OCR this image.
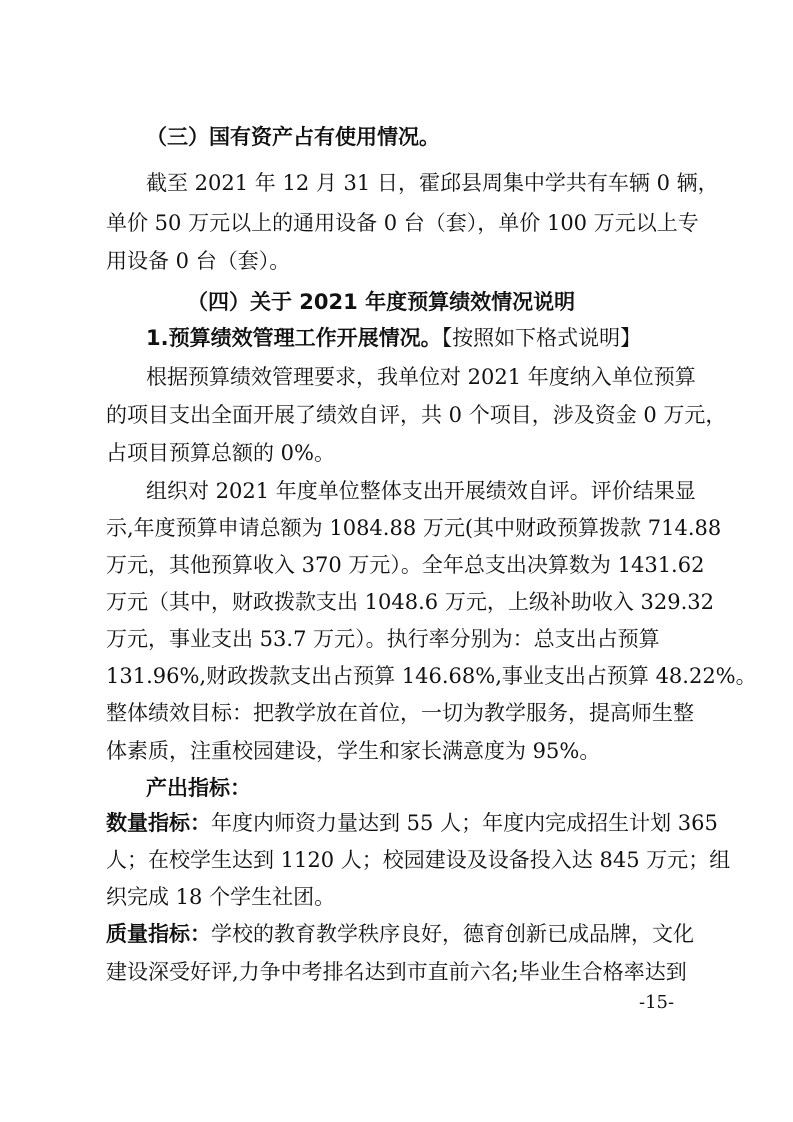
（三）国有资产占有使用情况。
截至 2021 年 12 月 31 日，霍邱县周集中学共有车辆 0 辆，
单价 50 万元以上的通用设备 0 台（套），单价 100 万元以上专
用设备 0 台（套）。
（四）关于 2021 年度预算绩效情况说明
1.预算绩效管理工作开展情况。【按照如下格式说明】
根据预算绩效管理要求，我单位对 2021 年度纳入单位预算
的项目支出全面开展了绩效自评，共 0 个项目，涉及资金 0 万元，
占项目预算总额的 0%。
组织对 2021 年度单位整体支出开展绩效自评。评价结果显
示,年度预算申请总额为 1084.88 万元(其中财政预算拨款 714.88
万元，其他预算收入 370 万元）。全年总支出决算数为 1431.62
万元（其中，财政拨款支出 1048.6 万元，上级补助收入 329.32
万元，事业支出 53.7 万元）。执行率分别为：总支出占预算
131.96%,财政拨款支出占预算 146.68%,事业支出占预算 48.22%。
整体绩效目标：把教学放在首位，一切为教学服务，提高师生整
体素质，注重校园建设，学生和家长满意度为 95%。
产出指标：
数量指标：年度内师资力量达到 55 人；年度内完成招生计划 365
人；在校学生达到 1120 人；校园建设及设备投入达 845 万元；组
织完成 18 个学生社团。
质量指标：学校的教育教学秩序良好，德育创新已成品牌，文化
建设深受好评,力争中考排名达到市直前六名;毕业生合格率达到
-15-
